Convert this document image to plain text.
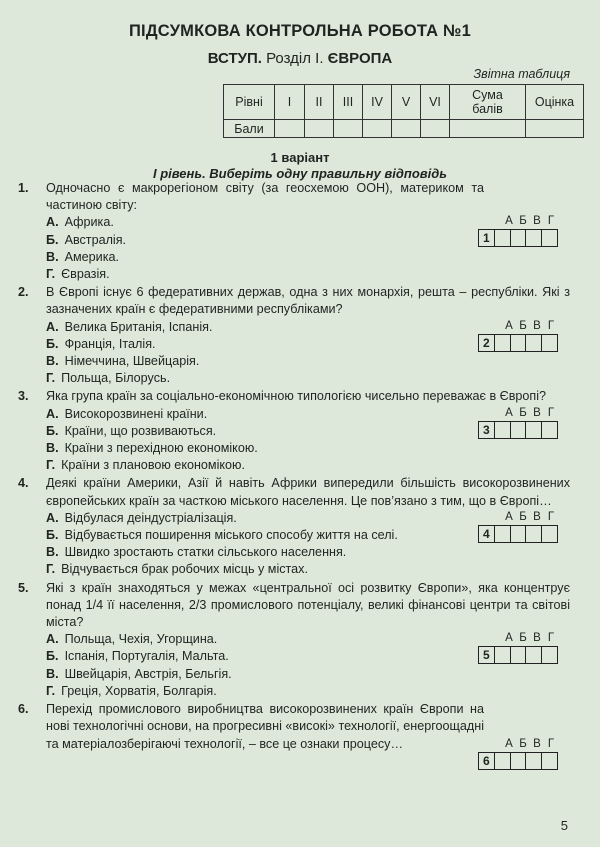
ПІДСУМКОВА КОНТРОЛЬНА РОБОТА №1
ВСТУП. Розділ І. ЄВРОПА
Звітна таблиця
Рівні	I	II	III	IV	V	VI	Сума балів	Оцінка
Бали								
1 варіант
I рівень. Виберіть одну правильну відповідь
1. Одночасно є макрорегіоном світу (за геосхемою ООН), материком та частиною світу:
А Б В Г
1
А. Африка.
Б. Австралія.
В. Америка.
Г. Євразія.
2. В Європі існує 6 федеративних держав, одна з них монархія, решта – республіки. Які з зазначених країн є федеративними республіками?
А Б В Г
2
А. Велика Британія, Іспанія.
Б. Франція, Італія.
В. Німеччина, Швейцарія.
Г. Польща, Білорусь.
3. Яка група країн за соціально-економічною типологією чисельно переважає в Європі?
А Б В Г
3
А. Високорозвинені країни.
Б. Країни, що розвиваються.
В. Країни з перехідною економікою.
Г. Країни з плановою економікою.
4. Деякі країни Америки, Азії й навіть Африки випередили більшість високорозвинених європейських країн за часткою міського населення. Це пов’язано з тим, що в Європі…
А Б В Г
4
А. Відбулася деіндустріалізація.
Б. Відбувається поширення міського способу життя на селі.
В. Швидко зростають статки сільського населення.
Г. Відчувається брак робочих місць у містах.
5. Які з країн знаходяться у межах «центральної осі розвитку Європи», яка концентрує понад 1/4 її населення, 2/3 промислового потенціалу, великі фінансові центри та світові міста?
А Б В Г
5
А. Польща, Чехія, Угорщина.
Б. Іспанія, Португалія, Мальта.
В. Швейцарія, Австрія, Бельгія.
Г. Греція, Хорватія, Болгарія.
6. Перехід промислового виробництва високорозвинених країн Європи на нові технологічні основи, на прогресивні «високі» технології, енергоощадні та матеріалозберігаючі технології, – все це ознаки процесу…	А Б В Г
6
5
